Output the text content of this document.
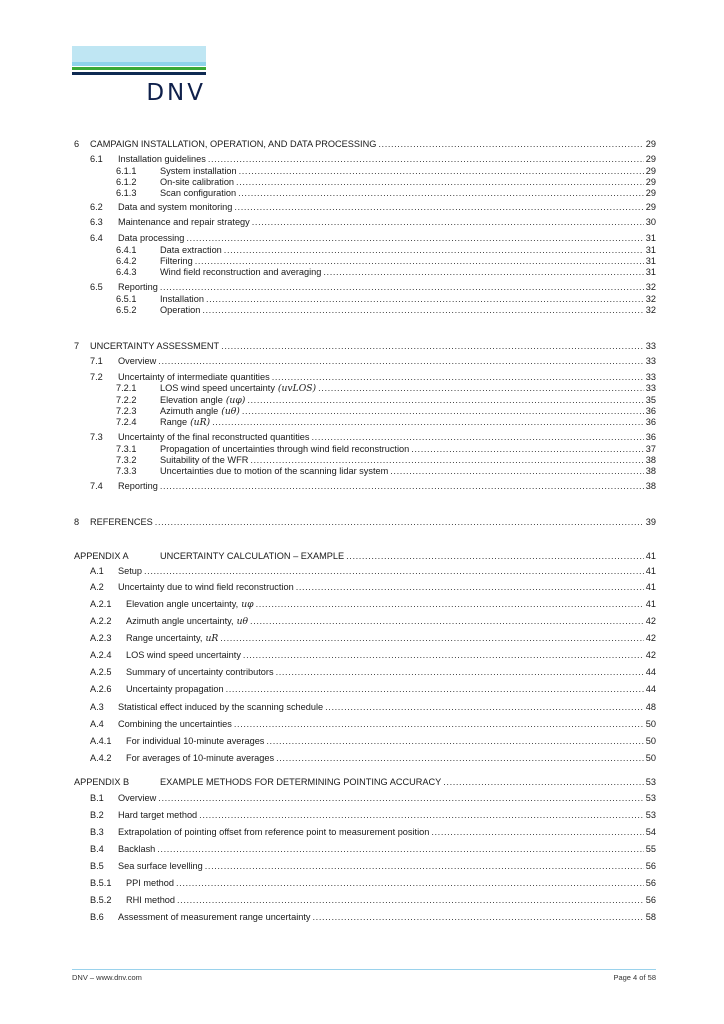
DNV
6	CAMPAIGN INSTALLATION, OPERATION, AND DATA PROCESSING .....	29
6.1	Installation guidelines .....	29
6.1.1	System installation .....	29
6.1.2	On-site calibration .....	29
6.1.3	Scan configuration .....	29
6.2	Data and system monitoring .....	29
6.3	Maintenance and repair strategy .....	30
6.4	Data processing .....	31
6.4.1	Data extraction .....	31
6.4.2	Filtering .....	31
6.4.3	Wind field reconstruction and averaging .....	31
6.5	Reporting .....	32
6.5.1	Installation .....	32
6.5.2	Operation .....	32
7	UNCERTAINTY ASSESSMENT .....	33
7.1	Overview .....	33
7.2	Uncertainty of intermediate quantities .....	33
7.2.1	LOS wind speed uncertainty (uvLOS) .....	33
7.2.2	Elevation angle (uφ) .....	35
7.2.3	Azimuth angle (uθ) .....	36
7.2.4	Range (uR) .....	36
7.3	Uncertainty of the final reconstructed quantities .....	36
7.3.1	Propagation of uncertainties through wind field reconstruction .....	37
7.3.2	Suitability of the WFR .....	38
7.3.3	Uncertainties due to motion of the scanning lidar system .....	38
7.4	Reporting .....	38
8	REFERENCES .....	39
APPENDIX A	UNCERTAINTY CALCULATION – EXAMPLE .....	41
A.1	Setup .....	41
A.2	Uncertainty due to wind field reconstruction .....	41
A.2.1	Elevation angle uncertainty, uφ .....	41
A.2.2	Azimuth angle uncertainty, uθ .....	42
A.2.3	Range uncertainty, uR .....	42
A.2.4	LOS wind speed uncertainty .....	42
A.2.5	Summary of uncertainty contributors .....	44
A.2.6	Uncertainty propagation .....	44
A.3	Statistical effect induced by the scanning schedule .....	48
A.4	Combining the uncertainties .....	50
A.4.1	For individual 10-minute averages .....	50
A.4.2	For averages of 10-minute averages .....	50
APPENDIX B	EXAMPLE METHODS FOR DETERMINING POINTING ACCURACY .....	53
B.1	Overview .....	53
B.2	Hard target method .....	53
B.3	Extrapolation of pointing offset from reference point to measurement position .....	54
B.4	Backlash .....	55
B.5	Sea surface levelling .....	56
B.5.1	PPI method .....	56
B.5.2	RHI method .....	56
B.6	Assessment of measurement range uncertainty .....	58
DNV – www.dnv.com	Page 4 of 58
